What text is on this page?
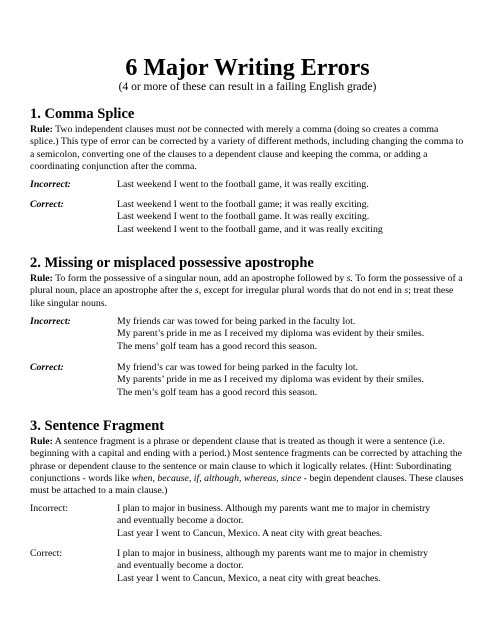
6 Major Writing Errors
(4 or more of these can result in a failing English grade)
1. Comma Splice
Rule: Two independent clauses must not be connected with merely a comma (doing so creates a comma splice.) This type of error can be corrected by a variety of different methods, including changing the comma to a semicolon, converting one of the clauses to a dependent clause and keeping the comma, or adding a coordinating conjunction after the comma.
Incorrect:	Last weekend I went to the football game, it was really exciting.
Correct:	Last weekend I went to the football game; it was really exciting.
Last weekend I went to the football game. It was really exciting.
Last weekend I went to the football game, and it was really exciting
2. Missing or misplaced possessive apostrophe
Rule: To form the possessive of a singular noun, add an apostrophe followed by s. To form the possessive of a plural noun, place an apostrophe after the s, except for irregular plural words that do not end in s; treat these like singular nouns.
Incorrect:	My friends car was towed for being parked in the faculty lot.
My parent’s pride in me as I received my diploma was evident by their smiles.
The mens’ golf team has a good record this season.
Correct:	My friend’s car was towed for being parked in the faculty lot.
My parents’ pride in me as I received my diploma was evident by their smiles.
The men’s golf team has a good record this season.
3. Sentence Fragment
Rule: A sentence fragment is a phrase or dependent clause that is treated as though it were a sentence (i.e. beginning with a capital and ending with a period.) Most sentence fragments can be corrected by attaching the phrase or dependent clause to the sentence or main clause to which it logically relates. (Hint: Subordinating conjunctions - words like when, because, if, although, whereas, since - begin dependent clauses. These clauses must be attached to a main clause.)
Incorrect:	I plan to major in business. Although my parents want me to major in chemistry
and eventually become a doctor.
Last year I went to Cancun, Mexico. A neat city with great beaches.
Correct:	I plan to major in business, although my parents want me to major in chemistry
and eventually become a doctor.
Last year I went to Cancun, Mexico, a neat city with great beaches.
